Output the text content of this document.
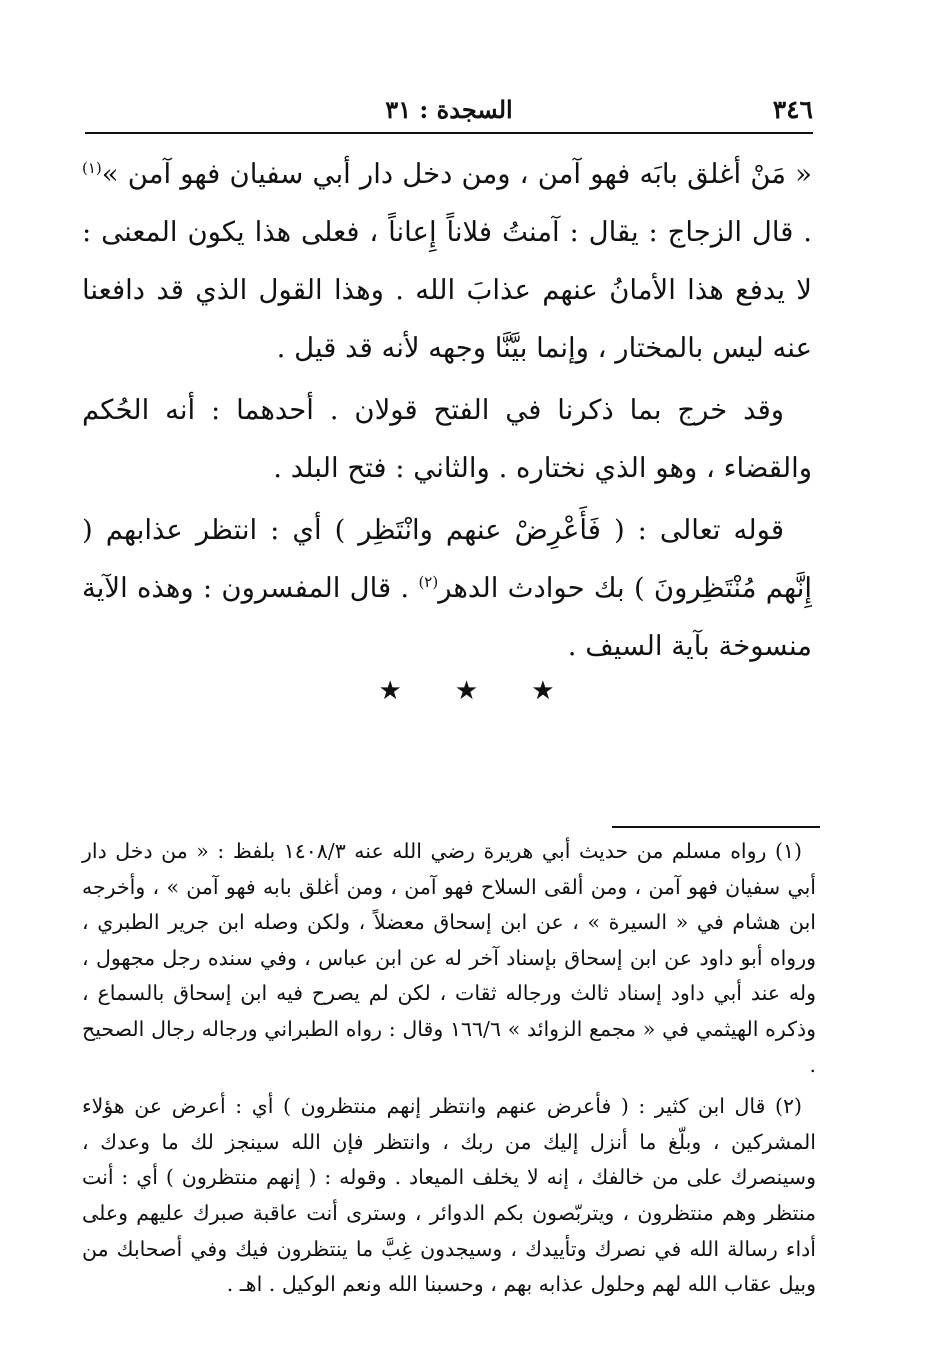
٣٤٦
السجدة : ٣١

« مَنْ أغلق بابَه فهو آمن ، ومن دخل دار أبي سفيان فهو آمن »$^{(١)}$ . قال الزجاج : يقال : آمنتُ فلاناً إِعاناً ، فعلى هذا يكون المعنى : لا يدفع هذا الأمانُ عنهم عذابَ الله . وهذا القول الذي قد دافعنا عنه ليس بالمختار ، وإنما بيَّنَّا وجهه لأنه قد قيل .

وقد خرج بما ذكرنا في الفتح قولان . أحدهما : أنه الحُكم والقضاء ، وهو الذي نختاره . والثاني : فتح البلد .

قوله تعالى : ( فَأَعْرِضْ عنهم وانْتَظِر ) أي : انتظر عذابهم ( إِنَّهم مُنْتَظِرونَ ) بك حوادث الدهر$^{(٢)}$ . قال المفسرون : وهذه الآية منسوخة بآية السيف .

★ ★ ★

(١) رواه مسلم من حديث أبي هريرة رضي الله عنه ١٤٠٨/٣ بلفظ : « من دخل دار أبي سفيان فهو آمن ، ومن ألقى السلاح فهو آمن ، ومن أغلق بابه فهو آمن » ، وأخرجه ابن هشام في « السيرة » ، عن ابن إسحاق معضلاً ، ولكن وصله ابن جرير الطبري ، ورواه أبو داود عن ابن إسحاق بإسناد آخر له عن ابن عباس ، وفي سنده رجل مجهول ، وله عند أبي داود إسناد ثالث ورجاله ثقات ، لكن لم يصرح فيه ابن إسحاق بالسماع ، وذكره الهيثمي في « مجمع الزوائد » ١٦٦/٦ وقال : رواه الطبراني ورجاله رجال الصحيح .

(٢) قال ابن كثير : ( فأعرض عنهم وانتظر إنهم منتظرون ) أي : أعرض عن هؤلاء المشركين ، وبلّغ ما أنزل إليك من ربك ، وانتظر فإن الله سينجز لك ما وعدك ، وسينصرك على من خالفك ، إنه لا يخلف الميعاد . وقوله : ( إنهم منتظرون ) أي : أنت منتظر وهم منتظرون ، ويتربّصون بكم الدوائر ، وسترى أنت عاقبة صبرك عليهم وعلى أداء رسالة الله في نصرك وتأييدك ، وسيجدون غِبَّ ما ينتظرون فيك وفي أصحابك من وبيل عقاب الله لهم وحلول عذابه بهم ، وحسبنا الله ونعم الوكيل . اهـ .
